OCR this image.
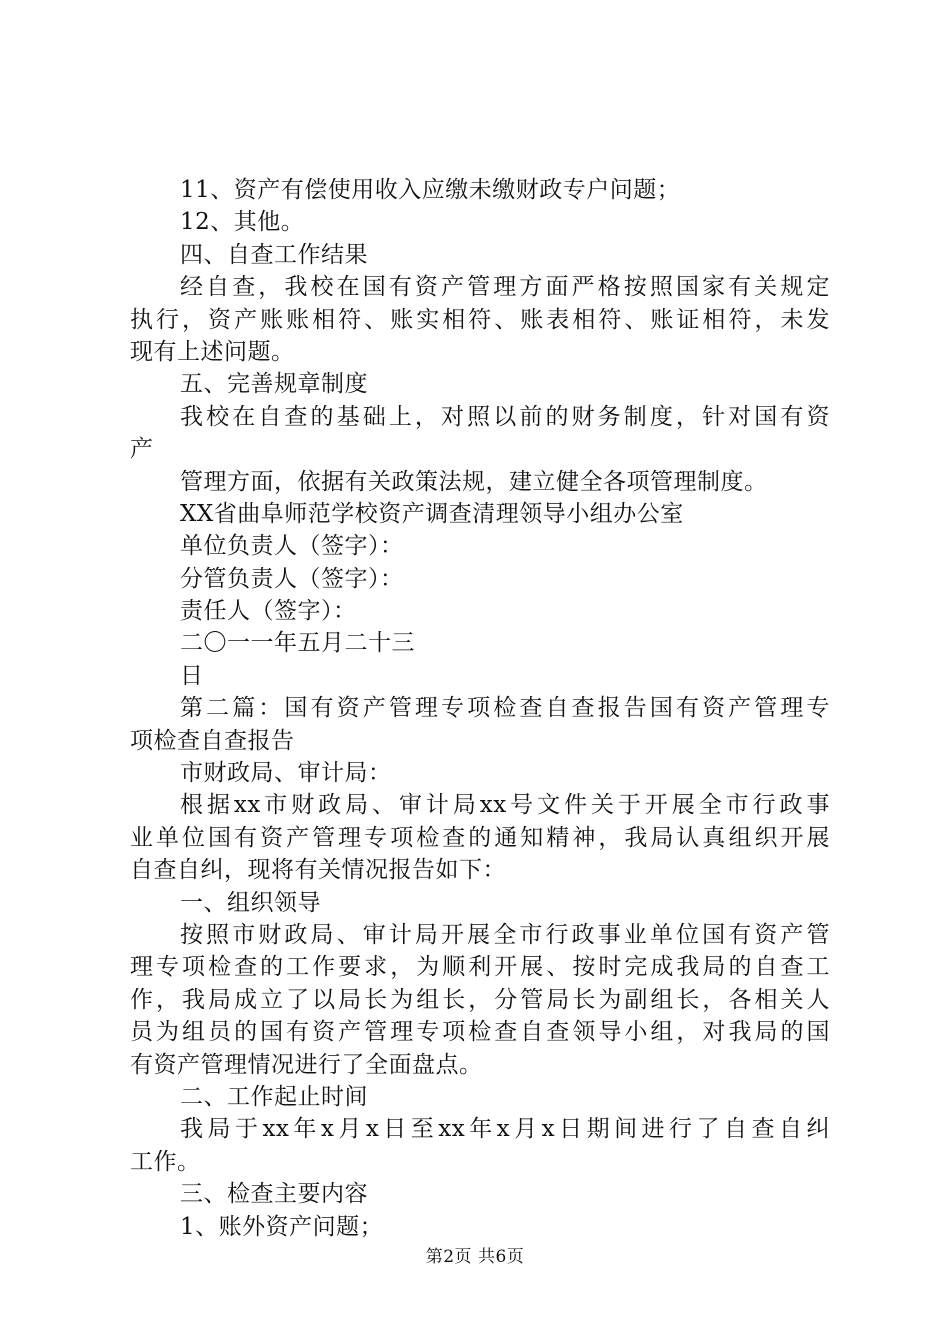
11、资产有偿使用收入应缴未缴财政专户问题；
12、其他。
四、自查工作结果
经自查，我校在国有资产管理方面严格按照国家有关规定
执行，资产账账相符、账实相符、账表相符、账证相符，未发
现有上述问题。
五、完善规章制度
我校在自查的基础上，对照以前的财务制度，针对国有资
产
管理方面，依据有关政策法规，建立健全各项管理制度。
XX省曲阜师范学校资产调查清理领导小组办公室
单位负责人（签字）：
分管负责人（签字）：
责任人（签字）：
二〇一一年五月二十三
日
第二篇：国有资产管理专项检查自查报告国有资产管理专
项检查自查报告
市财政局、审计局：
根据xx市财政局、审计局xx号文件关于开展全市行政事
业单位国有资产管理专项检查的通知精神，我局认真组织开展
自查自纠，现将有关情况报告如下：
一、组织领导
按照市财政局、审计局开展全市行政事业单位国有资产管
理专项检查的工作要求，为顺利开展、按时完成我局的自查工
作，我局成立了以局长为组长，分管局长为副组长，各相关人
员为组员的国有资产管理专项检查自查领导小组，对我局的国
有资产管理情况进行了全面盘点。
二、工作起止时间
我局于xx年x月x日至xx年x月x日期间进行了自查自纠
工作。
三、检查主要内容
1、账外资产问题；
第2页 共6页
